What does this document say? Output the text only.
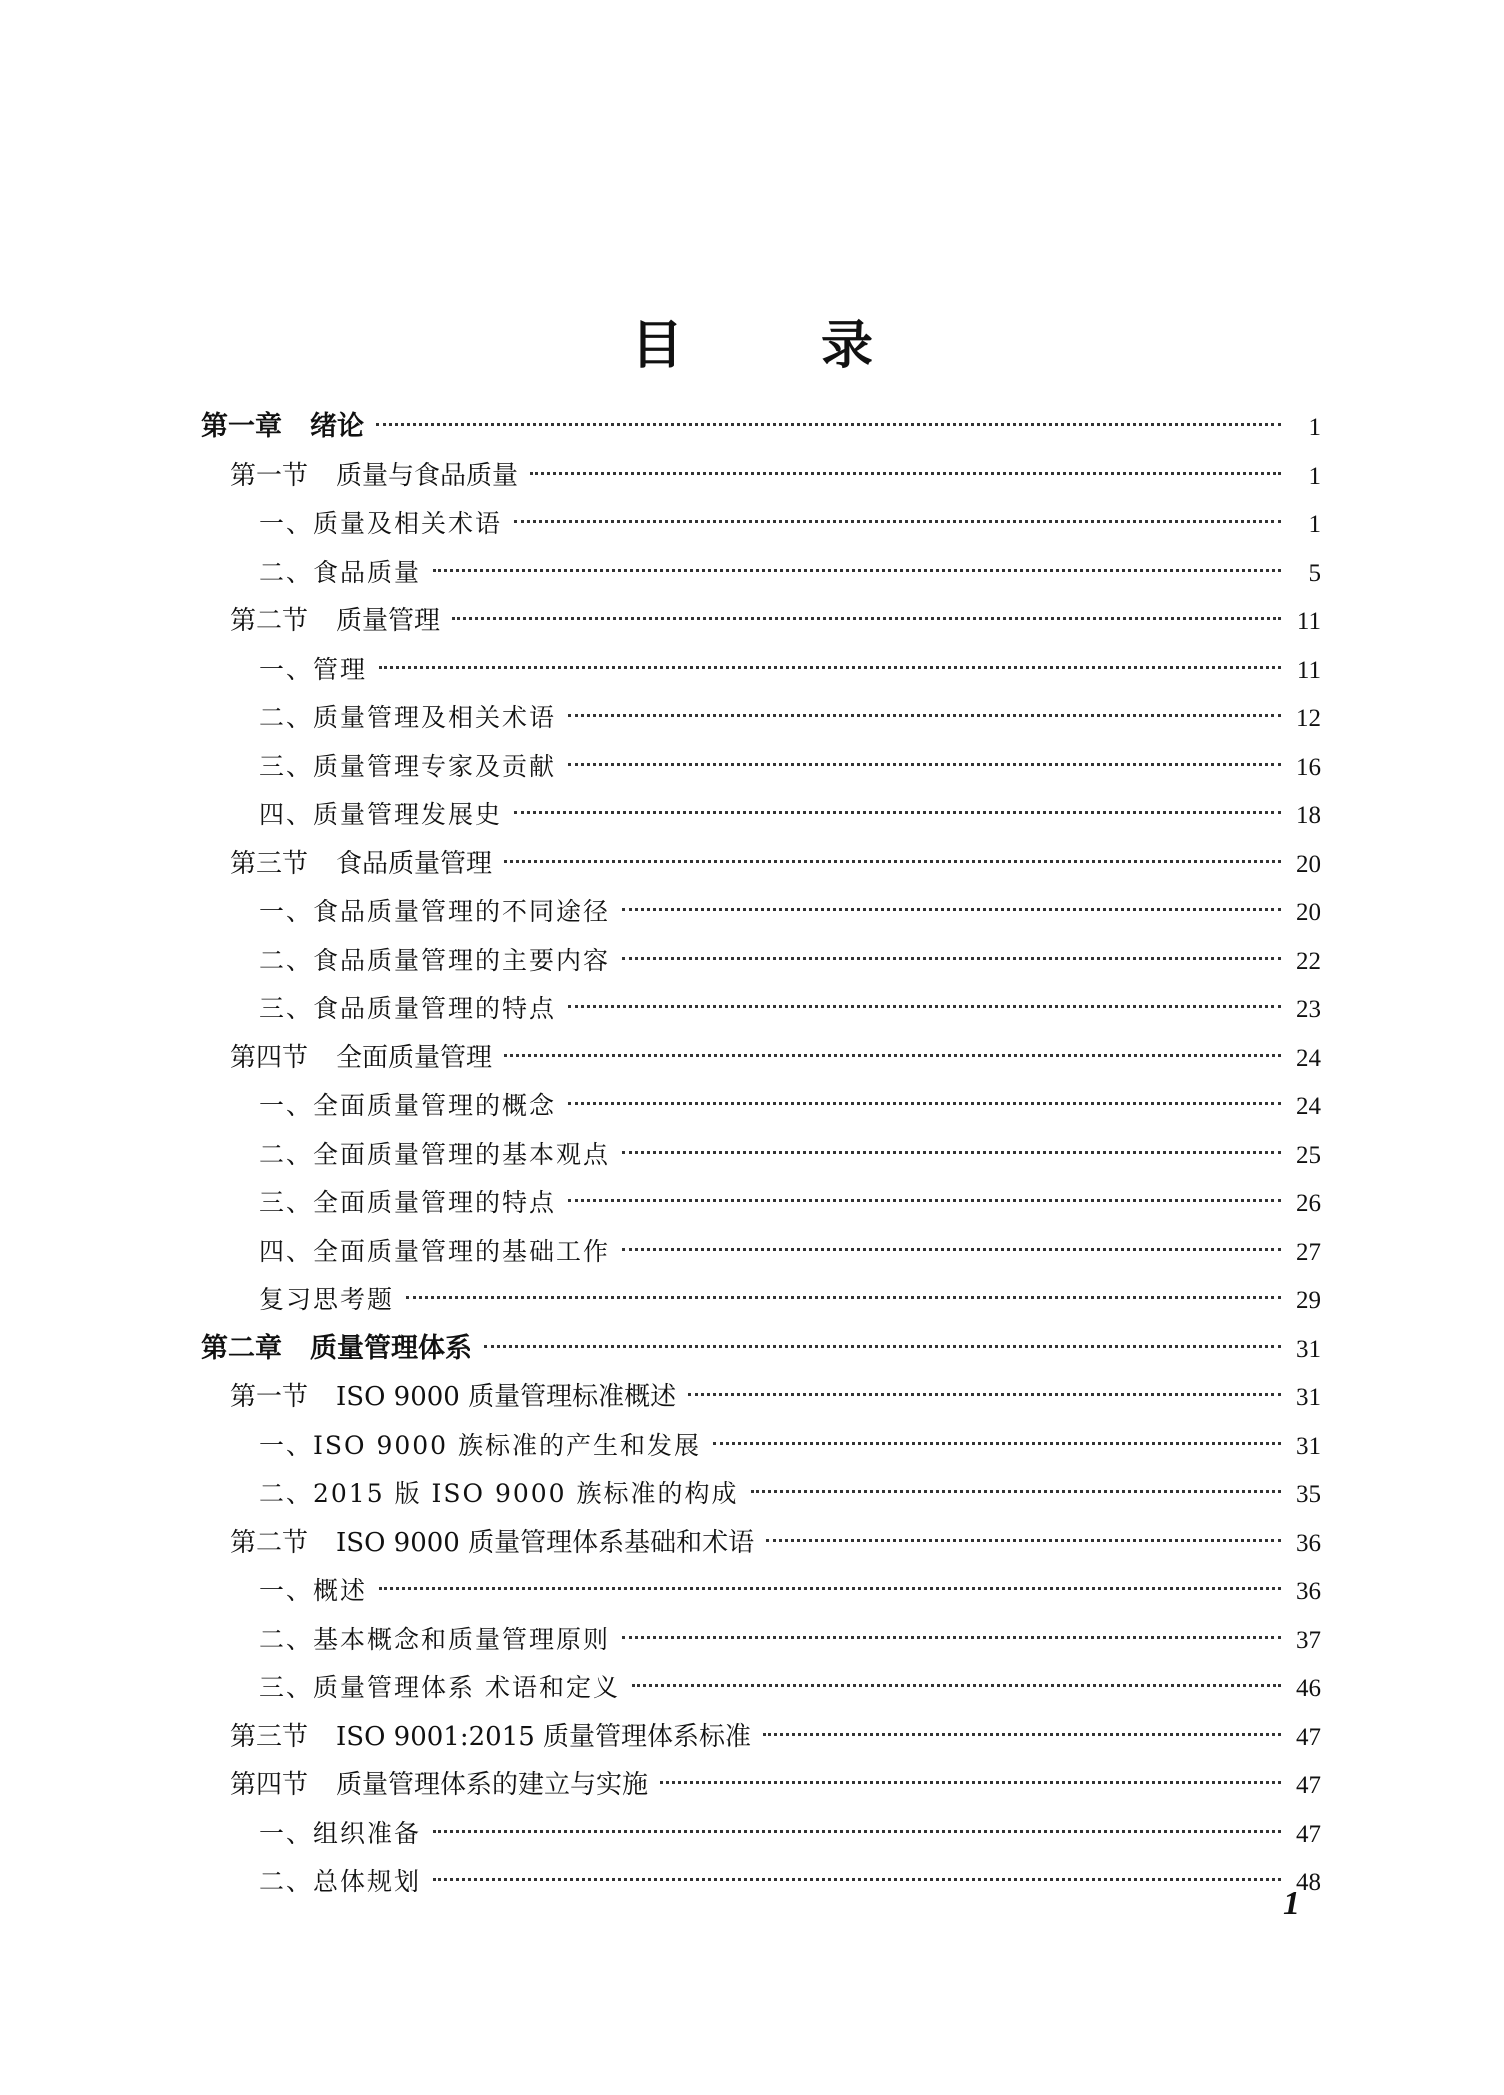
目 录
第一章 绪论	1
第一节 质量与食品质量	1
一、质量及相关术语	1
二、食品质量	5
第二节 质量管理	11
一、管理	11
二、质量管理及相关术语	12
三、质量管理专家及贡献	16
四、质量管理发展史	18
第三节 食品质量管理	20
一、食品质量管理的不同途径	20
二、食品质量管理的主要内容	22
三、食品质量管理的特点	23
第四节 全面质量管理	24
一、全面质量管理的概念	24
二、全面质量管理的基本观点	25
三、全面质量管理的特点	26
四、全面质量管理的基础工作	27
复习思考题	29
第二章 质量管理体系	31
第一节 ISO 9000 质量管理标准概述	31
一、ISO 9000 族标准的产生和发展	31
二、2015 版 ISO 9000 族标准的构成	35
第二节 ISO 9000 质量管理体系基础和术语	36
一、概述	36
二、基本概念和质量管理原则	37
三、质量管理体系 术语和定义	46
第三节 ISO 9001:2015 质量管理体系标准	47
第四节 质量管理体系的建立与实施	47
一、组织准备	47
二、总体规划	48
1
